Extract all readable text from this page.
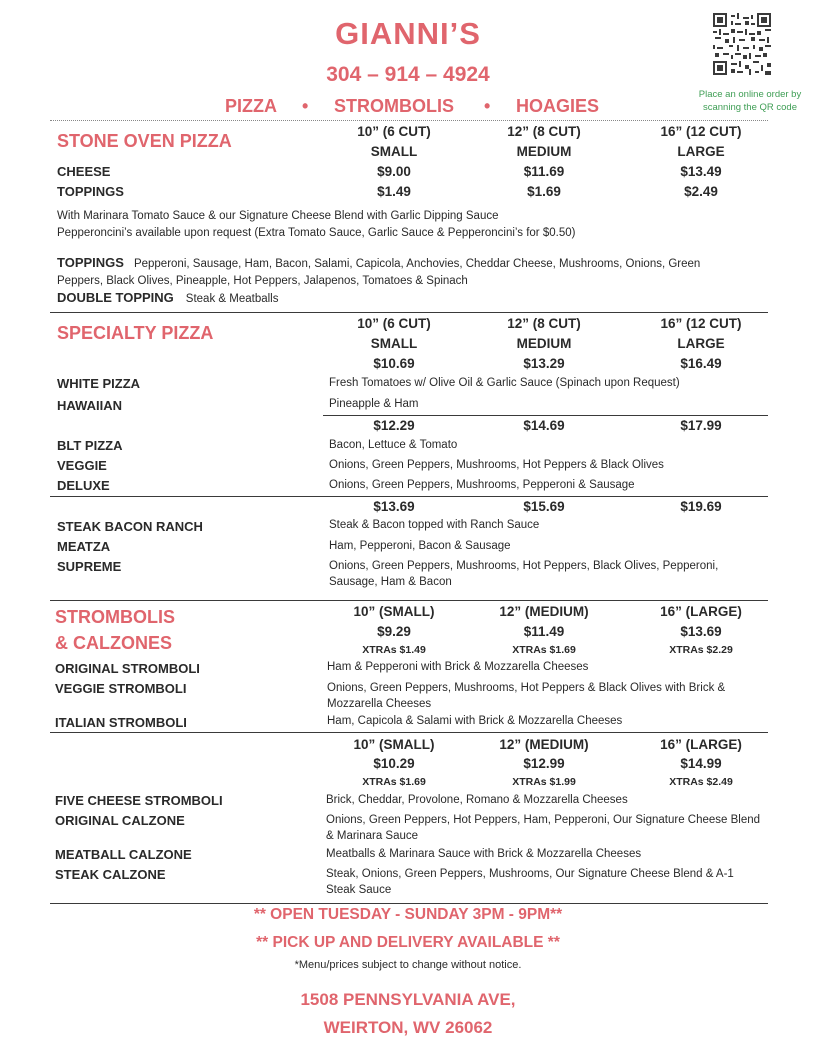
GIANNI’S
304 – 914 – 4924
PIZZA • STROMBOLIS • HOAGIES
Place an online order by
scanning the QR code
STONE OVEN PIZZA	10” (6 CUT)	12” (8 CUT)	16” (12 CUT)
SMALL	MEDIUM	LARGE
CHEESE	$9.00	$11.69	$13.49
TOPPINGS	$1.49	$1.69	$2.49
With Marinara Tomato Sauce & our Signature Cheese Blend with Garlic Dipping Sauce
Pepperoncini’s available upon request (Extra Tomato Sauce, Garlic Sauce & Pepperoncini’s for $0.50)
TOPPINGS Pepperoni, Sausage, Ham, Bacon, Salami, Capicola, Anchovies, Cheddar Cheese, Mushrooms, Onions, Green
Peppers, Black Olives, Pineapple, Hot Peppers, Jalapenos, Tomatoes & Spinach
DOUBLE TOPPING Steak & Meatballs
SPECIALTY PIZZA	10” (6 CUT)	12” (8 CUT)	16” (12 CUT)
SMALL	MEDIUM	LARGE
$10.69	$13.29	$16.49
WHITE PIZZA	Fresh Tomatoes w/ Olive Oil & Garlic Sauce (Spinach upon Request)
HAWAIIAN	Pineapple & Ham
$12.29	$14.69	$17.99
BLT PIZZA	Bacon, Lettuce & Tomato
VEGGIE	Onions, Green Peppers, Mushrooms, Hot Peppers & Black Olives
DELUXE	Onions, Green Peppers, Mushrooms, Pepperoni & Sausage
$13.69	$15.69	$19.69
STEAK BACON RANCH	Steak & Bacon topped with Ranch Sauce
MEATZA	Ham, Pepperoni, Bacon & Sausage
SUPREME	Onions, Green Peppers, Mushrooms, Hot Peppers, Black Olives, Pepperoni, Sausage, Ham & Bacon
STROMBOLIS
& CALZONES
10” (SMALL)	12” (MEDIUM)	16” (LARGE)
$9.29	$11.49	$13.69
XTRAs $1.49	XTRAs $1.69	XTRAs $2.29
ORIGINAL STROMBOLI	Ham & Pepperoni with Brick & Mozzarella Cheeses
VEGGIE STROMBOLI	Onions, Green Peppers, Mushrooms, Hot Peppers & Black Olives with Brick & Mozzarella Cheeses
ITALIAN STROMBOLI	Ham, Capicola & Salami with Brick & Mozzarella Cheeses
10” (SMALL)	12” (MEDIUM)	16” (LARGE)
$10.29	$12.99	$14.99
XTRAs $1.69	XTRAs $1.99	XTRAs $2.49
FIVE CHEESE STROMBOLI	Brick, Cheddar, Provolone, Romano & Mozzarella Cheeses
ORIGINAL CALZONE	Onions, Green Peppers, Hot Peppers, Ham, Pepperoni, Our Signature Cheese Blend & Marinara Sauce
MEATBALL CALZONE	Meatballs & Marinara Sauce with Brick & Mozzarella Cheeses
STEAK CALZONE	Steak, Onions, Green Peppers, Mushrooms, Our Signature Cheese Blend & A-1 Steak Sauce
** OPEN TUESDAY - SUNDAY 3PM - 9PM**
** PICK UP AND DELIVERY AVAILABLE **
*Menu/prices subject to change without notice.
1508 PENNSYLVANIA AVE,
WEIRTON, WV 26062
